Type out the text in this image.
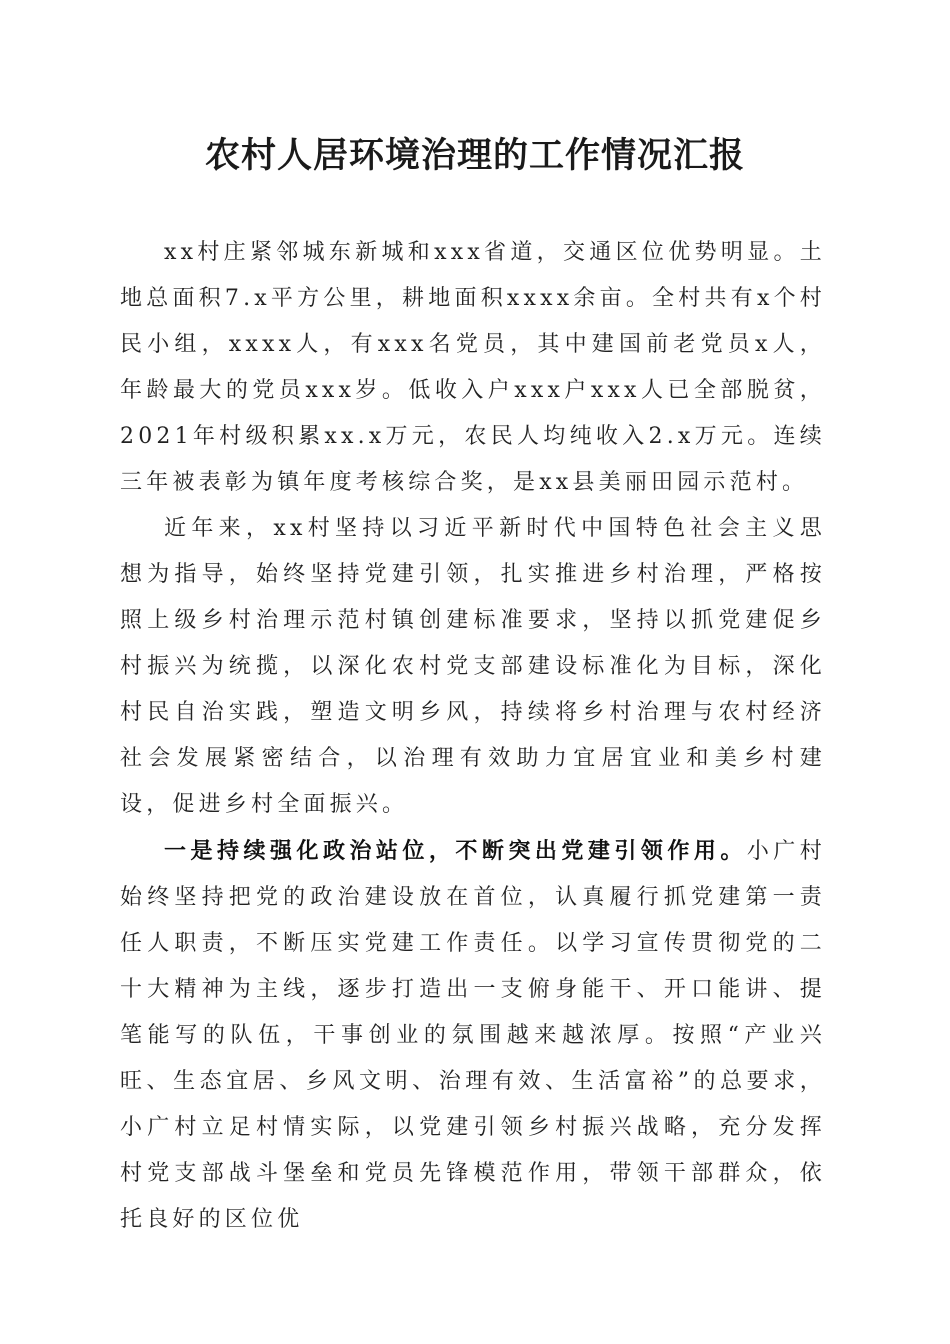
农村人居环境治理的工作情况汇报

xx村庄紧邻城东新城和xxx省道，交通区位优势明显。土地总面积7.x平方公里，耕地面积xxxx余亩。全村共有x个村民小组，xxxx人，有xxx名党员，其中建国前老党员x人，年龄最大的党员xxx岁。低收入户xxx户xxx人已全部脱贫，2021年村级积累xx.x万元，农民人均纯收入2.x万元。连续三年被表彰为镇年度考核综合奖，是xx县美丽田园示范村。

近年来，xx村坚持以习近平新时代中国特色社会主义思想为指导，始终坚持党建引领，扎实推进乡村治理，严格按照上级乡村治理示范村镇创建标准要求，坚持以抓党建促乡村振兴为统揽，以深化农村党支部建设标准化为目标，深化村民自治实践，塑造文明乡风，持续将乡村治理与农村经济社会发展紧密结合，以治理有效助力宜居宜业和美乡村建设，促进乡村全面振兴。

一是持续强化政治站位，不断突出党建引领作用。小广村始终坚持把党的政治建设放在首位，认真履行抓党建第一责任人职责，不断压实党建工作责任。以学习宣传贯彻党的二十大精神为主线，逐步打造出一支俯身能干、开口能讲、提笔能写的队伍，干事创业的氛围越来越浓厚。按照“产业兴旺、生态宜居、乡风文明、治理有效、生活富裕”的总要求，小广村立足村情实际，以党建引领乡村振兴战略，充分发挥村党支部战斗堡垒和党员先锋模范作用，带领干部群众，依托良好的区位优
